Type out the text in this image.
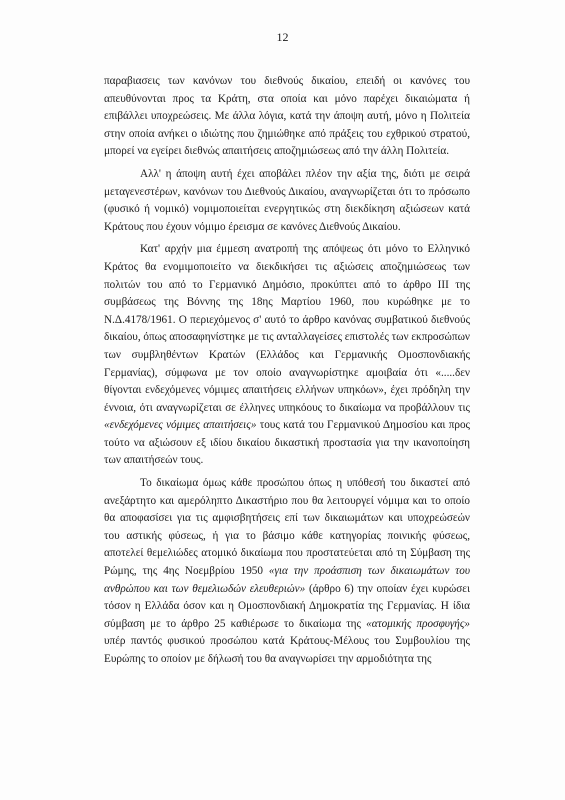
12

παραβιασεις των κανόνων του διεθνούς δικαίου, επειδή οι κανόνες του απευθύνονται προς τα Κράτη, στα οποία και μόνο παρέχει δικαιώματα ή επιβάλλει υποχρεώσεις. Με άλλα λόγια, κατά την άποψη αυτή, μόνο η Πολιτεία στην οποία ανήκει ο ιδιώτης που ζημιώθηκε από πράξεις του εχθρικού στρατού, μπορεί να εγείρει διεθνώς απαιτήσεις αποζημιώσεως από την άλλη Πολιτεία.

Αλλ' η άποψη αυτή έχει αποβάλει πλέον την αξία της, διότι με σειρά μεταγενεστέρων, κανόνων του Διεθνούς Δικαίου, αναγνωρίζεται ότι το πρόσωπο (φυσικό ή νομικό) νομιμοποιείται ενεργητικώς στη διεκδίκηση αξιώσεων κατά Κράτους που έχουν νόμιμο έρεισμα σε κανόνες Διεθνούς Δικαίου.

Κατ' αρχήν μια έμμεση ανατροπή της απόψεως ότι μόνο το Ελληνικό Κράτος θα ενομιμοποιείτο να διεκδικήσει τις αξιώσεις αποζημιώσεως των πολιτών του από το Γερμανικό Δημόσιο, προκύπτει από το άρθρο ΙΙΙ της συμβάσεως της Βόννης της 18ης Μαρτίου 1960, που κυρώθηκε με το Ν.Δ.4178/1961. Ο περιεχόμενος σ' αυτό το άρθρο κανόνας συμβατικού διεθνούς δικαίου, όπως αποσαφηνίστηκε με τις ανταλλαγείσες επιστολές των εκπροσώπων των συμβληθέντων Κρατών (Ελλάδος και Γερμανικής Ομοσπονδιακής Γερμανίας), σύμφωνα με τον οποίο αναγνωρίστηκε αμοιβαία ότι «.....δεν θίγονται ενδεχόμενες νόμιμες απαιτήσεις ελλήνων υπηκόων», έχει πρόδηλη την έννοια, ότι αναγνωρίζεται σε έλληνες υπηκόους το δικαίωμα να προβάλλουν τις «ενδεχόμενες νόμιμες απαιτήσεις» τους κατά του Γερμανικού Δημοσίου και προς τούτο να αξιώσουν εξ ιδίου δικαίου δικαστική προστασία για την ικανοποίηση των απαιτήσεών τους.

Το δικαίωμα όμως κάθε προσώπου όπως η υπόθεσή του δικαστεί από ανεξάρτητο και αμερόληπτο Δικαστήριο που θα λειτουργεί νόμιμα και το οποίο θα αποφασίσει για τις αμφισβητήσεις επί των δικαιωμάτων και υποχρεώσεών του αστικής φύσεως, ή για το βάσιμο κάθε κατηγορίας ποινικής φύσεως, αποτελεί θεμελιώδες ατομικό δικαίωμα που προστατεύεται από τη Σύμβαση της Ρώμης, της 4ης Νοεμβρίου 1950 «για την προάσπιση των δικαιωμάτων του ανθρώπου και των θεμελιωδών ελευθεριών» (άρθρο 6) την οποίαν έχει κυρώσει τόσον η Ελλάδα όσον και η Ομοσπονδιακή Δημοκρατία της Γερμανίας. Η ίδια σύμβαση με το άρθρο 25 καθιέρωσε το δικαίωμα της «ατομικής προσφυγής» υπέρ παντός φυσικού προσώπου κατά Κράτους-Μέλους του Συμβουλίου της Ευρώπης το οποίον με δήλωσή του θα αναγνωρίσει την αρμοδιότητα της
